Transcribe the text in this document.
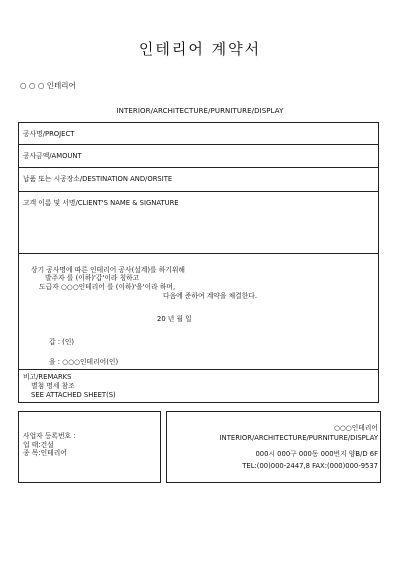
인테리어 계약서
○ ○ ○ 인테리어
INTERIOR/ARCHITECTURE/PURNITURE/DISPLAY
공사명/PROJECT
공사금액/AMOUNT
납품 또는 시공장소/DESTINATION AND/ORSITE
고객 이름 및 서명/CLIENT'S NAME & SIGNATURE
상기 공사명에 따른 인테리어 공사(설계)를 하기위해
발주자 를 (이하)'갑'이라 칭하고
도급자 ○○○인테리어 를 (이하)'을'이라 하며,
다음에 준하여 계약을 체결한다.
20 년 월 일
갑 : (인)
을 : ○○○인테리어(인)
비고/REMARKS
별첨 명세 참조
SEE ATTACHED SHEET(S)
사업자 등록번호 :
업 태:건설
종 목:인테리어
○○○인테리어
INTERIOR/ARCHITECTURE/PURNITURE/DISPLAY
000시 000구 000동 000번지 양B/D 6F
TEL:(00)000-2447,8 FAX:(000)000-9537
